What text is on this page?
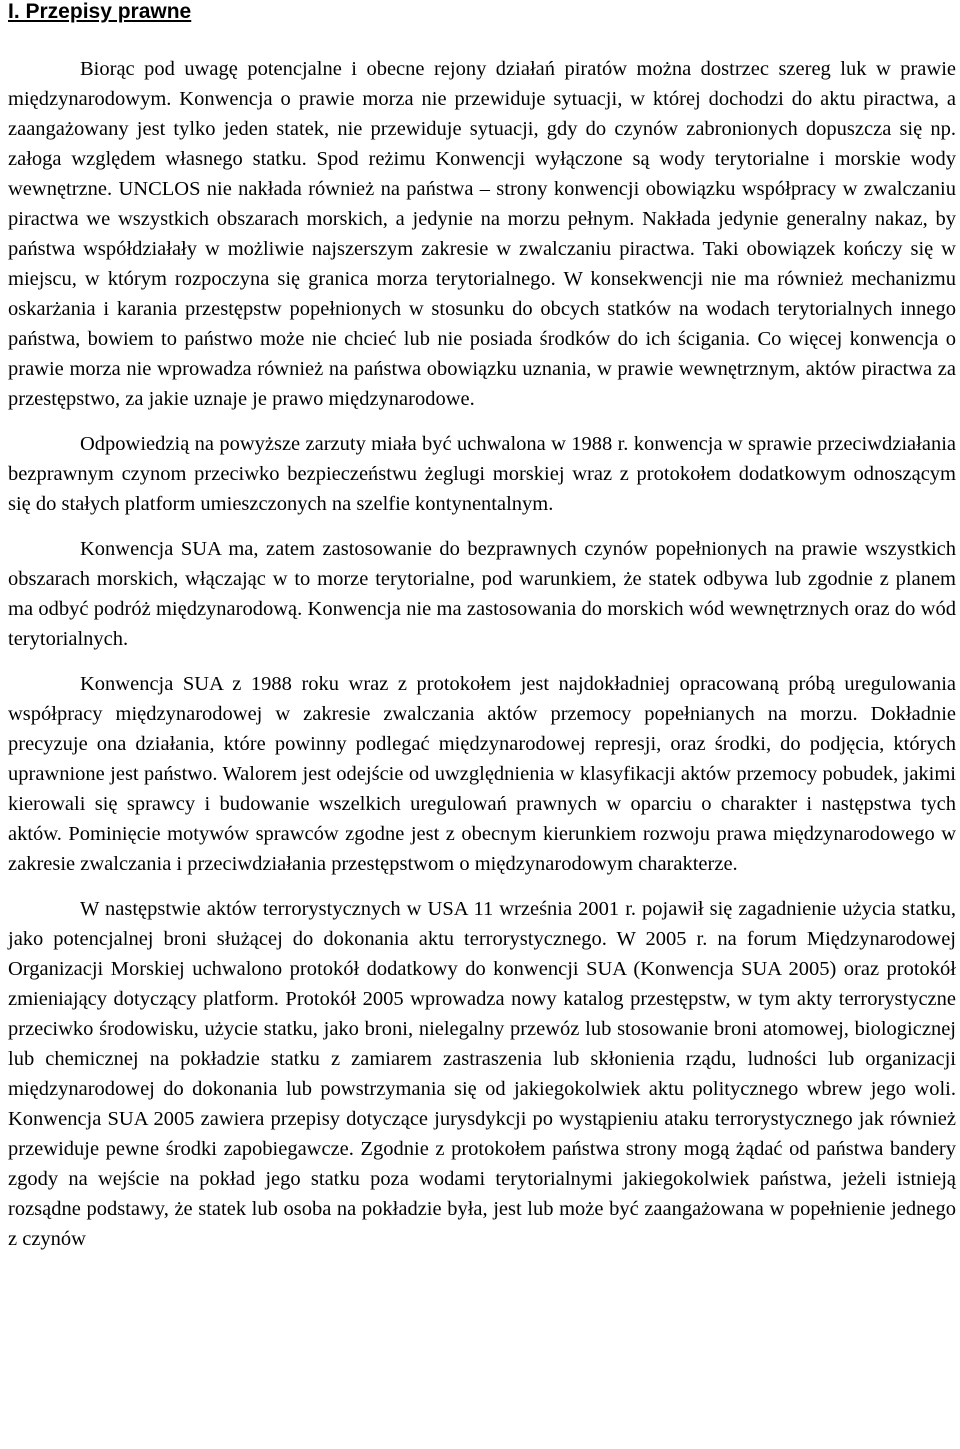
I. Przepisy prawne

Biorąc pod uwagę potencjalne i obecne rejony działań piratów można dostrzec szereg luk w prawie międzynarodowym. Konwencja o prawie morza nie przewiduje sytuacji, w której dochodzi do aktu piractwa, a zaangażowany jest tylko jeden statek, nie przewiduje sytuacji, gdy do czynów zabronionych dopuszcza się np. załoga względem własnego statku. Spod reżimu Konwencji wyłączone są wody terytorialne i morskie wody wewnętrzne. UNCLOS nie nakłada również na państwa – strony konwencji obowiązku współpracy w zwalczaniu piractwa we wszystkich obszarach morskich, a jedynie na morzu pełnym. Nakłada jedynie generalny nakaz, by państwa współdziałały w możliwie najszerszym zakresie w zwalczaniu piractwa. Taki obowiązek kończy się w miejscu, w którym rozpoczyna się granica morza terytorialnego. W konsekwencji nie ma również mechanizmu oskarżania i karania przestępstw popełnionych w stosunku do obcych statków na wodach terytorialnych innego państwa, bowiem to państwo może nie chcieć lub nie posiada środków do ich ścigania. Co więcej konwencja o prawie morza nie wprowadza również na państwa obowiązku uznania, w prawie wewnętrznym, aktów piractwa za przestępstwo, za jakie uznaje je prawo międzynarodowe.

Odpowiedzią na powyższe zarzuty miała być uchwalona w 1988 r. konwencja w sprawie przeciwdziałania bezprawnym czynom przeciwko bezpieczeństwu żeglugi morskiej wraz z protokołem dodatkowym odnoszącym się do stałych platform umieszczonych na szelfie kontynentalnym.

Konwencja SUA ma, zatem zastosowanie do bezprawnych czynów popełnionych na prawie wszystkich obszarach morskich, włączając w to morze terytorialne, pod warunkiem, że statek odbywa lub zgodnie z planem ma odbyć podróż międzynarodową. Konwencja nie ma zastosowania do morskich wód wewnętrznych oraz do wód terytorialnych.

Konwencja SUA z 1988 roku wraz z protokołem jest najdokładniej opracowaną próbą uregulowania współpracy międzynarodowej w zakresie zwalczania aktów przemocy popełnianych na morzu. Dokładnie precyzuje ona działania, które powinny podlegać międzynarodowej represji, oraz środki, do podjęcia, których uprawnione jest państwo. Walorem jest odejście od uwzględnienia w klasyfikacji aktów przemocy pobudek, jakimi kierowali się sprawcy i budowanie wszelkich uregulowań prawnych w oparciu o charakter i następstwa tych aktów. Pominięcie motywów sprawców zgodne jest z obecnym kierunkiem rozwoju prawa międzynarodowego w zakresie zwalczania i przeciwdziałania przestępstwom o międzynarodowym charakterze.

W następstwie aktów terrorystycznych w USA 11 września 2001 r. pojawił się zagadnienie użycia statku, jako potencjalnej broni służącej do dokonania aktu terrorystycznego. W 2005 r. na forum Międzynarodowej Organizacji Morskiej uchwalono protokół dodatkowy do konwencji SUA (Konwencja SUA 2005) oraz protokół zmieniający dotyczący platform. Protokół 2005 wprowadza nowy katalog przestępstw, w tym akty terrorystyczne przeciwko środowisku, użycie statku, jako broni, nielegalny przewóz lub stosowanie broni atomowej, biologicznej lub chemicznej na pokładzie statku z zamiarem zastraszenia lub skłonienia rządu, ludności lub organizacji międzynarodowej do dokonania lub powstrzymania się od jakiegokolwiek aktu politycznego wbrew jego woli. Konwencja SUA 2005 zawiera przepisy dotyczące jurysdykcji po wystąpieniu ataku terrorystycznego jak również przewiduje pewne środki zapobiegawcze. Zgodnie z protokołem państwa strony mogą żądać od państwa bandery zgody na wejście na pokład jego statku poza wodami terytorialnymi jakiegokolwiek państwa, jeżeli istnieją rozsądne podstawy, że statek lub osoba na pokładzie była, jest lub może być zaangażowana w popełnienie jednego z czynów
